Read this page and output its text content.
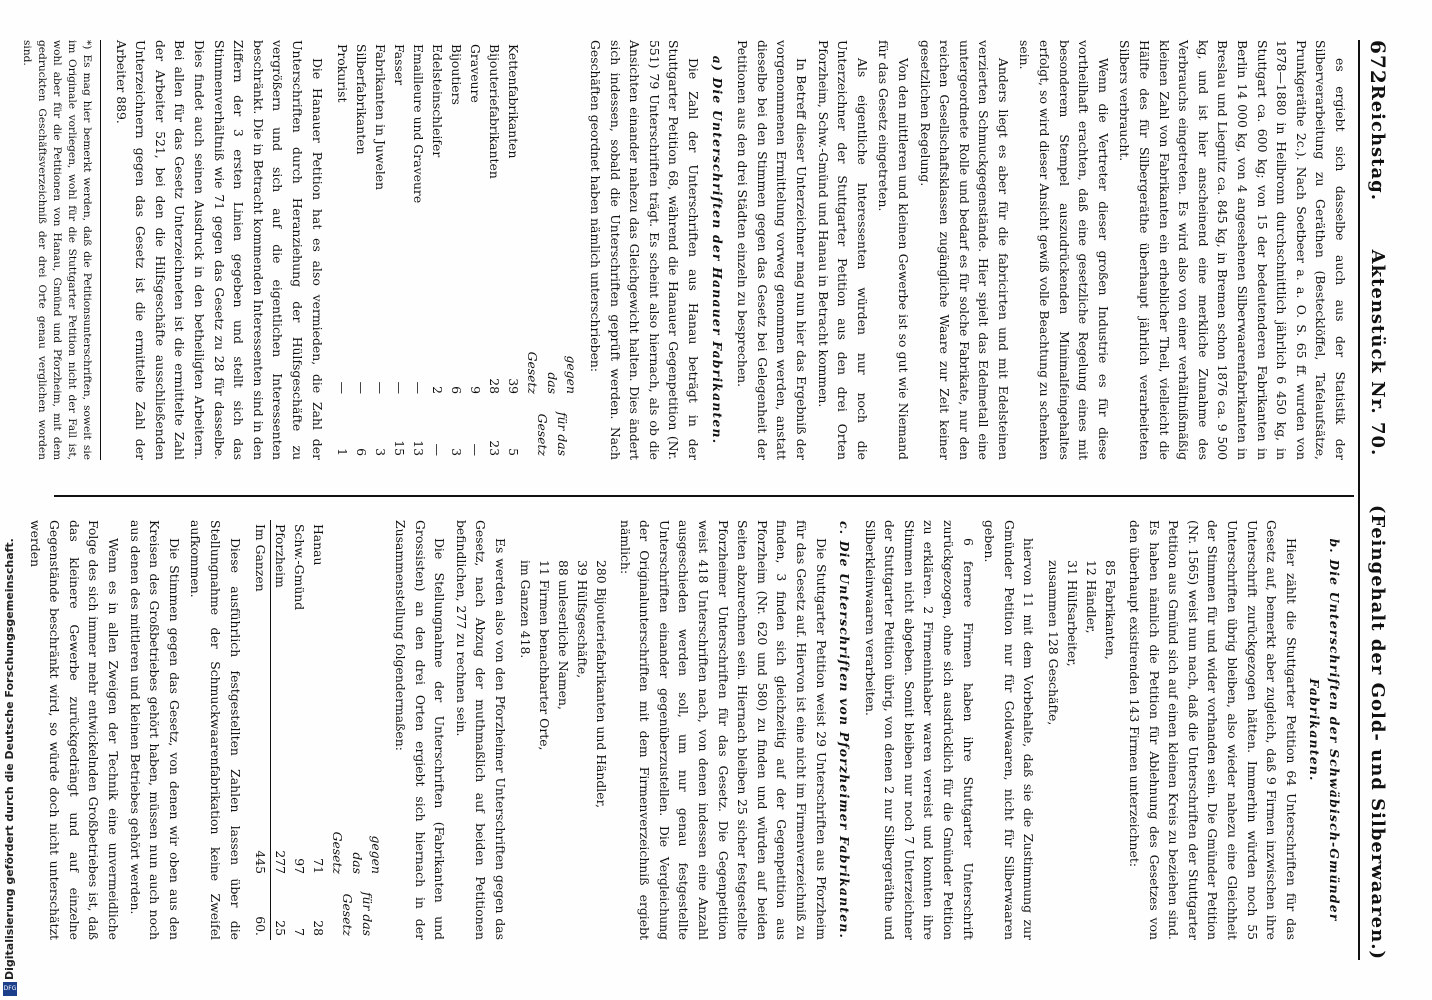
672
Reichstag.
Aktenstück Nr. 70.
(Feingehalt der Gold- und Silberwaaren.)

es ergiebt sich dasselbe auch aus der Statistik der Silberverarbeitung zu Geräthen (Bestecklöffel, Tafelaufsätze, Prunkgeräthe 2c.). Nach Soetbeer a. a. O. S. 65 ff. wurden von 1878—1880 in Heilbronn durchschnittlich jährlich 6 450 kg, in Stuttgart ca. 600 kg; von 15 der bedeutenderen Fabrikanten in Berlin 14 000 kg, von 4 angesehenen Silberwaarenfabrikanten in Breslau und Liegnitz ca. 845 kg, in Bremen schon 1876 ca. 9 500 kg, und ist hier anscheinend eine merkliche Zunahme des Verbrauchs eingetreten. Es wird also von einer verhältnißmäßig kleinen Zahl von Fabrikanten ein erheblicher Theil, vielleicht die Hälfte des für Silbergeräthe überhaupt jährlich verarbeiteten Silbers verbraucht.

Wenn die Vertreter dieser großen Industrie es für diese vortheilhaft erachten, daß eine gesetzliche Regelung eines mit besonderem Stempel auszudrückenden Minimalfeingehaltes erfolgt, so wird dieser Ansicht gewiß volle Beachtung zu schenken sein.

Anders liegt es aber für die fabricirten und mit Edelsteinen verzierten Schmuckgegenstände. Hier spielt das Edelmetall eine untergeordnete Rolle und bedarf es für solche Fabrikate, nur den reichen Gesellschaftsklassen zugängliche Waare zur Zeit keiner gesetzlichen Regelung.

Von den mittleren und kleinen Gewerbe ist so gut wie Niemand für das Gesetz eingetreten.

Als eigentliche Interessenten würden nur noch die Unterzeichner der Stuttgarter Petition aus den drei Orten Pforzheim, Schw.-Gmünd und Hanau in Betracht kommen.

In Betreff dieser Unterzeichner mag nun hier das Ergebniß der vorgenommenen Ermittelung vorweg genommen werden, anstatt dieselbe bei den Stimmen gegen das Gesetz bei Gelegenheit der Petitionen aus den drei Städten einzeln zu besprechen.

a) Die Unterschriften der Hanauer Fabrikanten.

Die Zahl der Unterschriften aus Hanau beträgt in der Stuttgarter Petition 68, während die Hanauer Gegenpetition (Nr. 551) 79 Unterschriften trägt. Es scheint also hiernach, als ob die Ansichten einander nahezu das Gleichgewicht halten. Dies ändert sich indessen, sobald die Unterschriften geprüft werden. Nach Geschäften geordnet haben nämlich unterschrieben:

	gegen das Gesetz	für das Gesetz
Kettenfabrikanten	39	5
Bijouteriefabrikanten	28	23
Graveure	9	—
Bijoutiers	6	3
Edelsteinschleifer	2	—
Emailleure und Graveure	—	13
Fasser	—	15
Fabrikanten in Juwelen	—	3
Silberfabrikanten	—	6
Prokurist	—	1

Die Hanauer Petition hat es also vermieden, die Zahl der Unterschriften durch Heranziehung der Hülfsgeschäfte zu vergrößern und sich auf die eigentlichen Interessenten beschränkt. Die in Betracht kommenden Interessenten sind in den Ziffern der 3 ersten Linien gegeben und stellt sich das Stimmenverhältniß wie 71 gegen das Gesetz zu 28 für dasselbe. Dies findet auch seinen Ausdruck in den betheiligten Arbeitern. Bei allen für das Gesetz Unterzeichneten ist die ermittelte Zahl der Arbeiter 521, bei den die Hilfsgeschäfte ausschließenden Unterzeichnern gegen das Gesetz ist die ermittelte Zahl der Arbeiter 889.

*) Es mag hier bemerkt werden, daß die Petitionsunterschriften, soweit sie im Originale vorliegen, wohl für die Stuttgarter Petition nicht der Fall ist, wohl aber für die Petitionen von Hanau, Gmünd und Pforzheim, mit dem gedruckten Geschäftsverzeichniß der drei Orte genau verglichen worden sind.
b. Die Unterschriften der Schwäbisch-Gmünder Fabrikanten.

Hier zählt die Stuttgarter Petition 64 Unterschriften für das Gesetz auf, bemerkt aber zugleich, daß 9 Firmen inzwischen ihre Unterschrift zurückgezogen hätten. Immerhin würden noch 55 Unterschriften übrig bleiben, also wieder nahezu eine Gleichheit der Stimmen für und wider vorhanden sein. Die Gmünder Petition (Nr. 1565) weist nun nach, daß die Unterschriften der Stuttgarter Petition aus Gmünd sich auf einen kleinen Kreis zu beziehen sind. Es haben nämlich die Petition für Ablehnung des Gesetzes von den überhaupt existirenden 143 Firmen unterzeichnet:

85 Fabrikanten,
12 Händler,
31 Hülfsarbeiter,
zusammen 128 Geschäfte,

hiervon 11 mit dem Vorbehalte, daß sie die Zustimmung zur Gmünder Petition nur für Goldwaaren, nicht für Silberwaaren geben.

6 fernere Firmen haben ihre Stuttgarter Unterschrift zurückgezogen, ohne sich ausdrücklich für die Gmünder Petition zu erklären. 2 Firmeninhaber waren verreist und konnten ihre Stimmen nicht abgeben. Somit bleiben nur noch 7 Unterzeichner der Stuttgarter Petition übrig, von denen 2 nur Silbergeräthe und Silberkleinwaaren verarbeiten.

c. Die Unterschriften von Pforzheimer Fabrikanten.

Die Stuttgarter Petition weist 29 Unterschriften aus Pforzheim für das Gesetz auf. Hiervon ist eine nicht im Firmenverzeichniß zu finden, 3 finden sich gleichzeitig auf der Gegenpetition aus Pforzheim (Nr. 620 und 580) zu finden und würden auf beiden Seiten abzurechnen sein. Hiernach bleiben 25 sicher festgestellte Pforzheimer Unterschriften für das Gesetz. Die Gegenpetition weist 418 Unterschriften nach, von denen indessen eine Anzahl ausgeschieden werden soll, um nur genau festgestellte Unterschriften einander gegenüberzustellen. Die Vergleichung der Originalunterschriften mit dem Firmenverzeichniß ergiebt nämlich:

280 Bijouteriefabrikanten und Händler,
39 Hülfsgeschäfte,
88 unleserliche Namen,
11 Firmen benachbarter Orte,
im Ganzen 418.

Es werden also von den Pforzheimer Unterschriften gegen das Gesetz, nach Abzug der muthmaßlich auf beiden Petitionen befindlichen, 277 zu rechnen sein.

Die Stellungnahme der Unterschriften (Fabrikanten und Grossisten) an den drei Orten ergiebt sich hiernach in der Zusammenstellung folgendermaßen:

	gegen das Gesetz	für das Gesetz
Hanau	71	28
Schw.-Gmünd	97	7
Pforzheim	277	25
Im Ganzen	445	60.

Diese ausführlich festgestellten Zahlen lassen über die Stellungnahme der Schmuckwaarenfabrikation keine Zweifel aufkommen.

Die Stimmen gegen das Gesetz, von denen wir oben aus den Kreisen des Großbetriebes gehört haben, müssen nun auch noch aus denen des mittleren und kleinen Betriebes gehört werden.

Wenn es in allen Zweigen der Technik eine unvermeidliche Folge des sich immer mehr entwickelnden Großbetriebes ist, daß das kleinere Gewerbe zurückgedrängt und auf einzelne Gegenstände beschränkt wird, so würde doch nicht unterschätzt werden

Digitalisierung gefördert durch die Deutsche Forschungsgemeinschaft.
DFG
